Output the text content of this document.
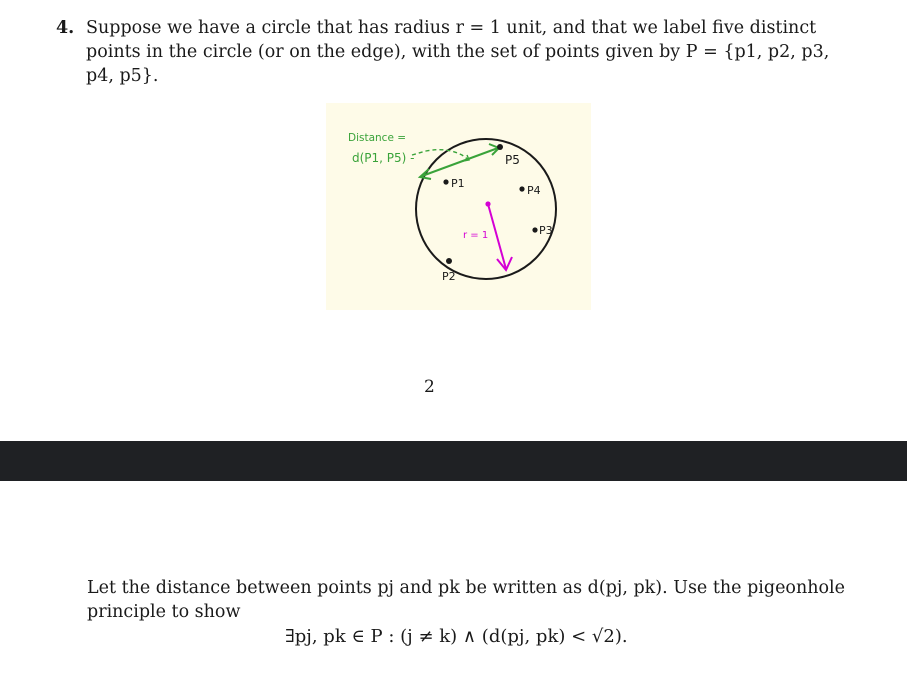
4. Suppose we have a circle that has radius r = 1 unit, and that we label five distinct points in the circle (or on the edge), with the set of points given by P = {p1, p2, p3, p4, p5}.
Distance =
d(P1, P5) -
r = 1
P5
P1
P4
P3
P2
2
Let the distance between points pj and pk be written as d(pj, pk). Use the pigeonhole principle to show
∃pj, pk ∈ P : (j ≠ k) ∧ (d(pj, pk) < √2).
